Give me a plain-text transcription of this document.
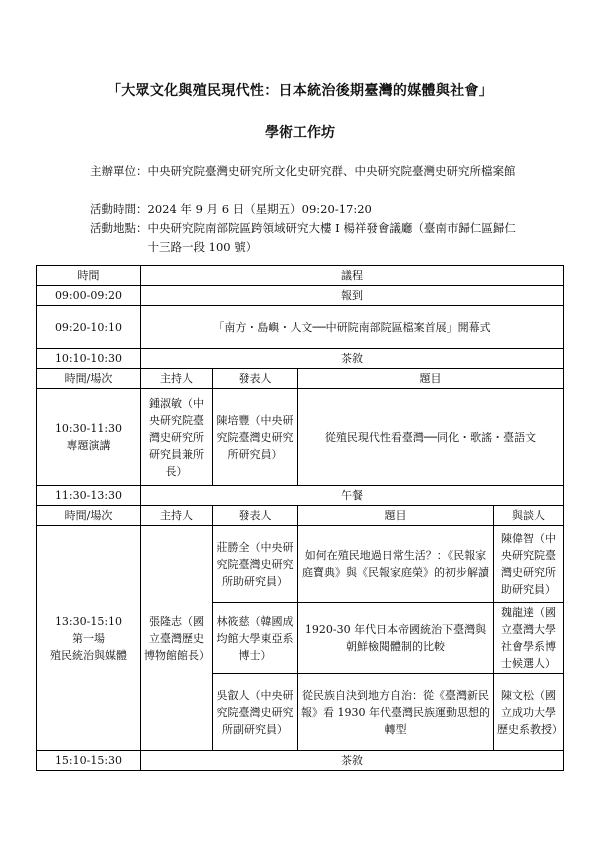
「大眾文化與殖民現代性：日本統治後期臺灣的媒體與社會」
學術工作坊
主辦單位： 中央研究院臺灣史研究所文化史研究群、中央研究院臺灣史研究所檔案館
活動時間： 2024 年 9 月 6 日（星期五）09:20-17:20
活動地點： 中央研究院南部院區跨領域研究大樓 I 楊祥發會議廳（臺南市歸仁區歸仁十三路一段 100 號）
時間	議程			
09:00-09:20	報到			
09:20-10:10	「南方・島嶼・人文──中研院南部院區檔案首展」開幕式			
10:10-10:30	茶敘			
時間/場次	主持人	發表人	題目	

10:30-11:30
專題演講	鍾淑敏（中央研究院臺灣史研究所研究員兼所長）	陳培豐（中央研究院臺灣史研究所研究員）	從殖民現代性看臺灣──同化・歌謠・臺語文	
11:30-13:30	午餐			
時間/場次	主持人	發表人	題目	與談人

13:30-15:10
第一場
殖民統治與媒體	張隆志（國立臺灣歷史博物館館長）	莊勝全（中央研究院臺灣史研究所助研究員）	如何在殖民地過日常生活？：《民報家庭寶典》與《民報家庭榮》的初步解讀	陳偉智（中央研究院臺灣史研究所助研究員）
		林筱慈（韓國成均館大學東亞系博士）	1920-30 年代日本帝國統治下臺灣與朝鮮檢閱體制的比較	魏龍達（國立臺灣大學社會學系博士候選人）
		吳叡人（中央研究院臺灣史研究所副研究員）	從民族自決到地方自治：從《臺灣新民報》看 1930 年代臺灣民族運動思想的轉型	陳文松（國立成功大學歷史系教授）
15:10-15:30	茶敘			
